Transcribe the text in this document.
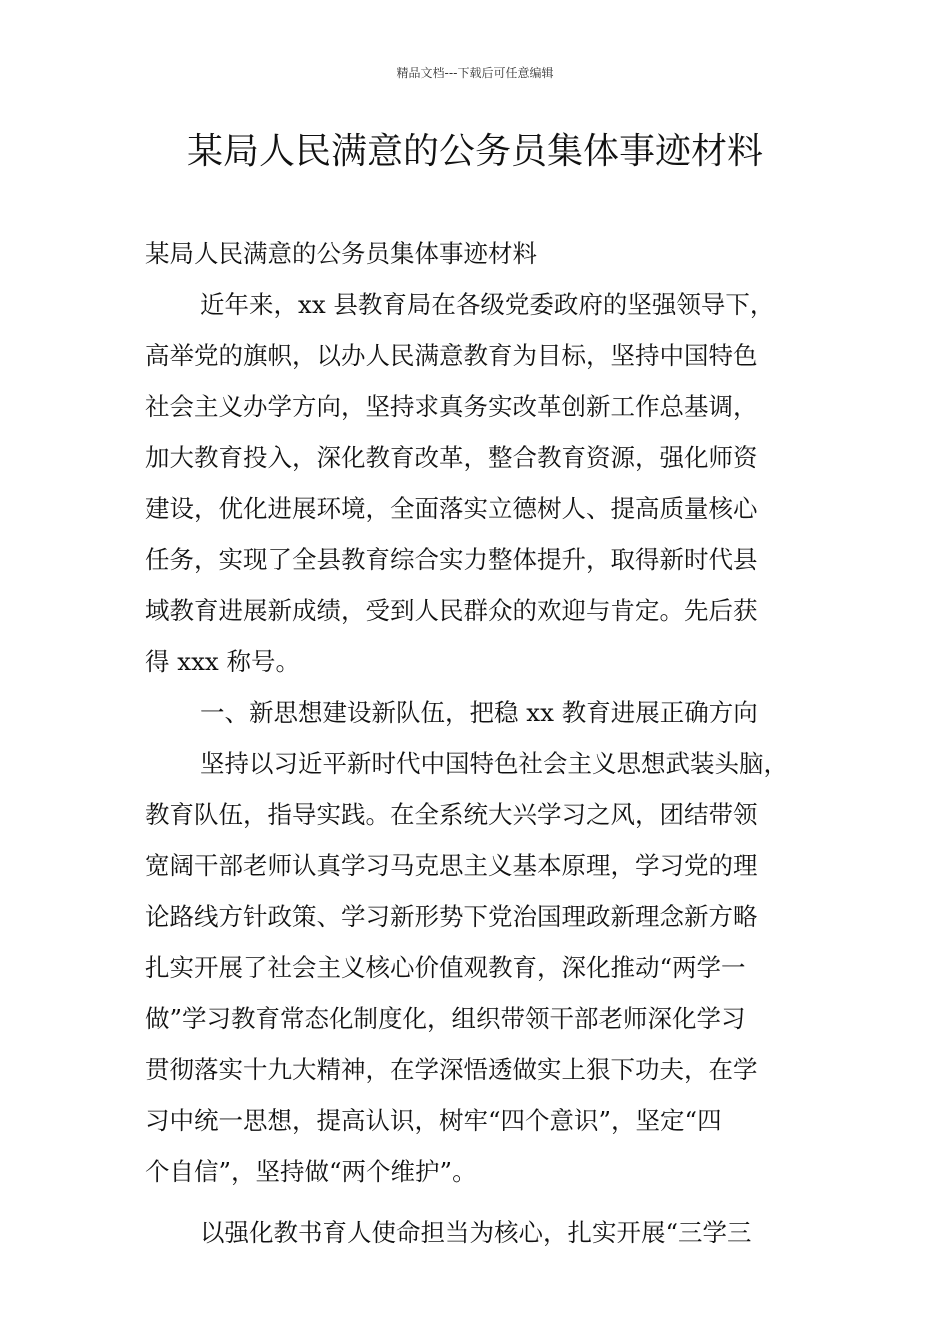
精品文档---下载后可任意编辑
某局人民满意的公务员集体事迹材料
某局人民满意的公务员集体事迹材料
近年来，xx 县教育局在各级党委政府的坚强领导下，
高举党的旗帜，以办人民满意教育为目标，坚持中国特色
社会主义办学方向，坚持求真务实改革创新工作总基调，
加大教育投入，深化教育改革，整合教育资源，强化师资
建设，优化进展环境，全面落实立德树人、提高质量核心
任务，实现了全县教育综合实力整体提升，取得新时代县
域教育进展新成绩，受到人民群众的欢迎与肯定。先后获
得 xxx 称号。
一、新思想建设新队伍，把稳 xx 教育进展正确方向
坚持以习近平新时代中国特色社会主义思想武装头脑，
教育队伍，指导实践。在全系统大兴学习之风，团结带领
宽阔干部老师认真学习马克思主义基本原理，学习党的理
论路线方针政策、学习新形势下党治国理政新理念新方略
扎实开展了社会主义核心价值观教育，深化推动“两学一
做”学习教育常态化制度化，组织带领干部老师深化学习
贯彻落实十九大精神，在学深悟透做实上狠下功夫，在学
习中统一思想，提高认识，树牢“四个意识”，坚定“四
个自信”，坚持做“两个维护”。
以强化教书育人使命担当为核心，扎实开展“三学三
